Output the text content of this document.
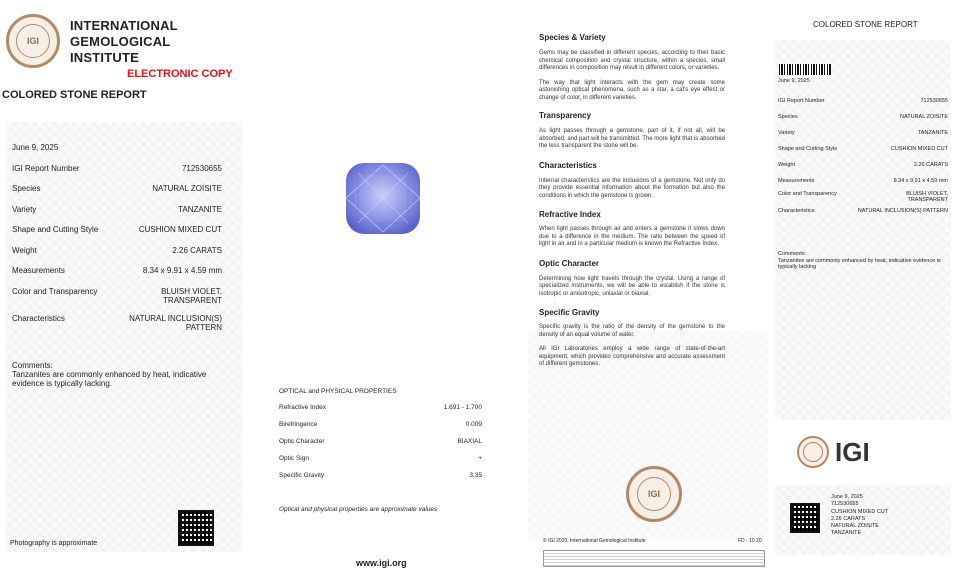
IGI
INTERNATIONAL
GEMOLOGICAL
INSTITUTE
ELECTRONIC COPY
COLORED STONE REPORT
June 9, 2025
IGI Report Number	712530655
Species	NATURAL ZOISITE
Variety	TANZANITE
Shape and Cutting Style	CUSHION MIXED CUT
Weight	2.26 CARATS
Measurements	8.34 x 9.91 x 4.59 mm
Color and Transparency	BLUISH VIOLET,
TRANSPARENT
Characteristics	NATURAL INCLUSION(S)
PATTERN
Comments:
Tanzanites are commonly enhanced by heat, indicative evidence is typically lacking.
Photography is approximate
OPTICAL and PHYSICAL PROPERTIES
Refractive Index	1.691 - 1.700
Birefringence	0.009
Optic Character	BIAXIAL
Optic Sign	+
Specific Gravity	3.35
Optical and physical properties are approximate values
www.igi.org
Species & Variety

Gems may be classified in different species, according to their basic chemical composition and crystal structure, within a species, small differences in composition may result in different colors, or varieties.

The way that light interacts with the gem may create some astonishing optical phenomena, such as a star, a cat's eye effect or change of color, in different varieties.

Transparency

As light passes through a gemstone, part of it, if not all, will be absorbed, and part will be transmitted. The more light that is absorbed the less transparent the stone will be.

Characteristics

Internal characteristics are the inclusions of a gemstone. Not only do they provide essential information about the formation but also the conditions in which the gemstone is grown.

Refractive Index

When light passes through air and enters a gemstone it slows down due to a difference in the medium. The ratio between the speed of light in air and in a particular medium is known the Refractive Index.

Optic Character

Determining how light travels through the crystal. Using a range of specialized instruments, we will be able to establish if the stone is isotropic or anisotropic, uniaxial or biaxial.

Specific Gravity

Specific gravity is the ratio of the density of the gemstone to the density of an equal volume of water.

All IGI Laboratories employ a wide range of state-of-the-art equipment, which provides comprehensive and accurate assessment of different gemstones.

IGI
© IGI 2020, International Gemological Institute	FD - 10 20
COLORED STONE REPORT
June 9, 2025
IGI Report Number	712530655
Species	NATURAL ZOISITE
Variety	TANZANITE
Shape and Cutting Style	CUSHION MIXED CUT
Weight	2.26 CARATS
Measurements	8.34 x 9.91 x 4.59 mm
Color and Transparency	BLUISH VIOLET,
TRANSPARENT
Characteristics	NATURAL INCLUSION(S) PATTERN
Comments:
Tanzanites are commonly enhanced by heat, indicative evidence is typically lacking
IGI
June 9, 2025
712530655
CUSHION MIXED CUT
2.26 CARATS
NATURAL ZOISITE
TANZANITE
